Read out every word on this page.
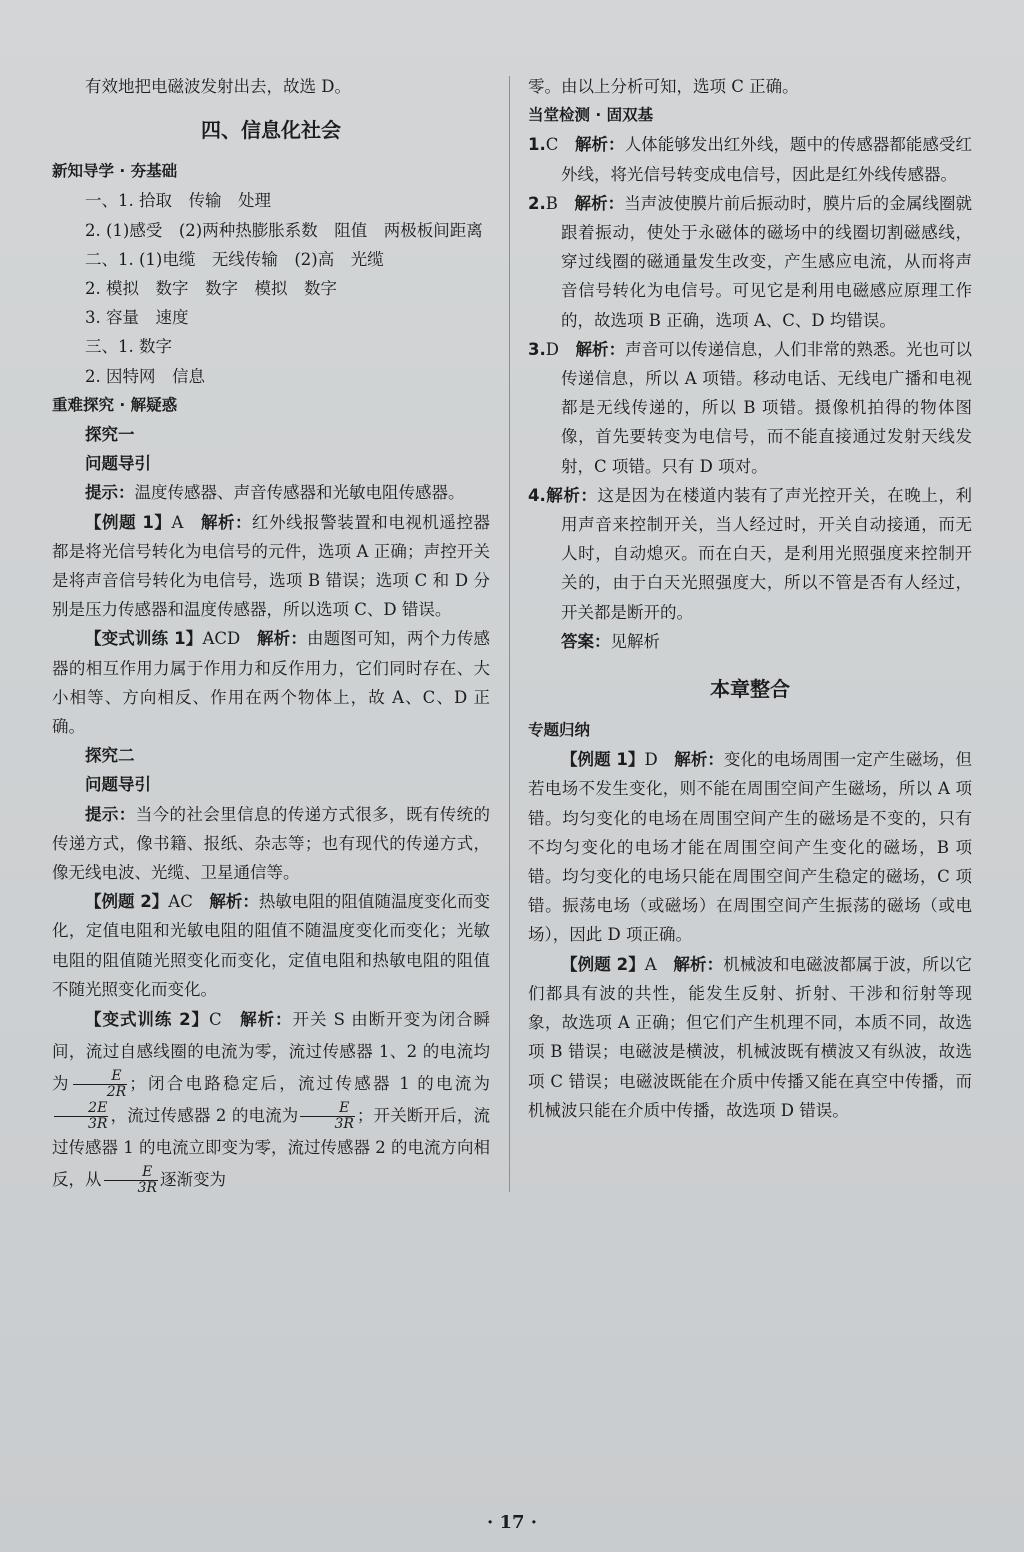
有效地把电磁波发射出去，故选 D。

四、信息化社会

新知导学 · 夯基础

一、1. 拾取　传输　处理

2. (1)感受　(2)两种热膨胀系数　阻值　两极板间距离

二、1. (1)电缆　无线传输　(2)高　光缆

2. 模拟　数字　数字　模拟　数字

3. 容量　速度

三、1. 数字

2. 因特网　信息

重难探究 · 解疑惑

探究一

问题导引

提示：温度传感器、声音传感器和光敏电阻传感器。

【例题 1】A　解析：红外线报警装置和电视机遥控器都是将光信号转化为电信号的元件，选项 A 正确；声控开关是将声音信号转化为电信号，选项 B 错误；选项 C 和 D 分别是压力传感器和温度传感器，所以选项 C、D 错误。

【变式训练 1】ACD　解析：由题图可知，两个力传感器的相互作用力属于作用力和反作用力，它们同时存在、大小相等、方向相反、作用在两个物体上，故 A、C、D 正确。

探究二

问题导引

提示：当今的社会里信息的传递方式很多，既有传统的传递方式，像书籍、报纸、杂志等；也有现代的传递方式，像无线电波、光缆、卫星通信等。

【例题 2】AC　解析：热敏电阻的阻值随温度变化而变化，定值电阻和光敏电阻的阻值不随温度变化而变化；光敏电阻的阻值随光照变化而变化，定值电阻和热敏电阻的阻值不随光照变化而变化。

【变式训练 2】C　解析：开关 S 由断开变为闭合瞬间，流过自感线圈的电流为零，流过传感器 1、2 的电流均为 $\frac{E}{2R}$ ；闭合电路稳定后，流过传感器 1 的电流为
$\frac{2E}{3R}$ ，流过传感器 2 的电流为 $\frac{E}{3R}$ ；开关断开后，流过传感器 1 的电流立即变为零，流过传感器 2 的电流方向相反，从 $\frac{E}{3R}$ 逐渐变为

零。由以上分析可知，选项 C 正确。

当堂检测 · 固双基

1.C　解析：人体能够发出红外线，题中的传感器都能感受红外线，将光信号转变成电信号，因此是红外线传感器。

2.B　解析：当声波使膜片前后振动时，膜片后的金属线圈就跟着振动，使处于永磁体的磁场中的线圈切割磁感线，穿过线圈的磁通量发生改变，产生感应电流，从而将声音信号转化为电信号。可见它是利用电磁感应原理工作的，故选项 B 正确，选项 A、C、D 均错误。

3.D　解析：声音可以传递信息，人们非常的熟悉。光也可以传递信息，所以 A 项错。移动电话、无线电广播和电视都是无线传递的，所以 B 项错。摄像机拍得的物体图像，首先要转变为电信号，而不能直接通过发射天线发射，C 项错。只有 D 项对。

4.解析：这是因为在楼道内装有了声光控开关，在晚上，利用声音来控制开关，当人经过时，开关自动接通，而无人时，自动熄灭。而在白天，是利用光照强度来控制开关的，由于白天光照强度大，所以不管是否有人经过，开关都是断开的。

答案：见解析

本章整合

专题归纳

【例题 1】D　解析：变化的电场周围一定产生磁场，但若电场不发生变化，则不能在周围空间产生磁场，所以 A 项错。均匀变化的电场在周围空间产生的磁场是不变的，只有不均匀变化的电场才能在周围空间产生变化的磁场，B 项错。均匀变化的电场只能在周围空间产生稳定的磁场，C 项错。振荡电场（或磁场）在周围空间产生振荡的磁场（或电场），因此 D 项正确。

【例题 2】A　解析：机械波和电磁波都属于波，所以它们都具有波的共性，能发生反射、折射、干涉和衍射等现象，故选项 A 正确；但它们产生机理不同，本质不同，故选项 B 错误；电磁波是横波，机械波既有横波又有纵波，故选项 C 错误；电磁波既能在介质中传播又能在真空中传播，而机械波只能在介质中传播，故选项 D 错误。

· 17 ·
